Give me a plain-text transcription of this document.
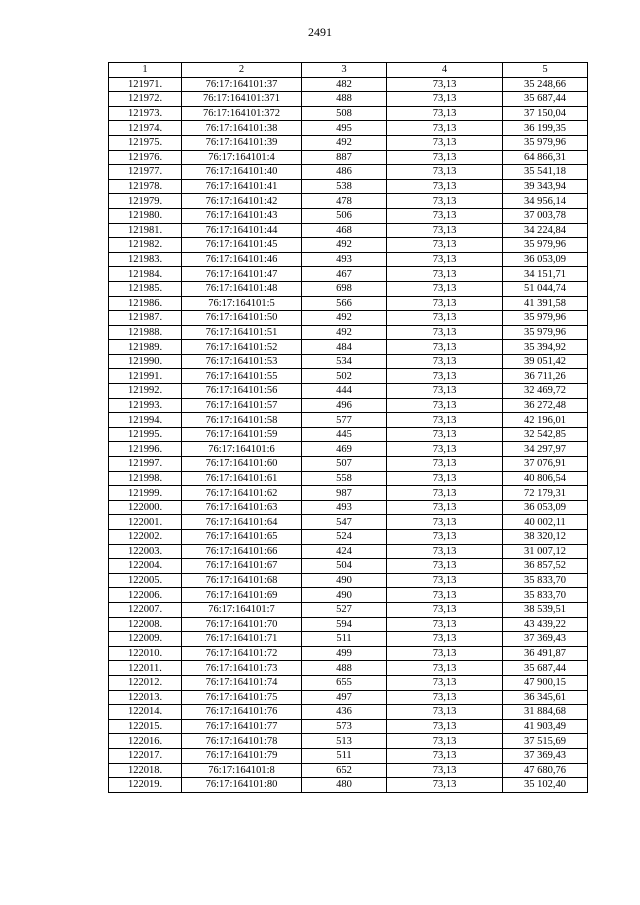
2491
1	2	3	4	5
121971.	76:17:164101:37	482	73,13	35 248,66
121972.	76:17:164101:371	488	73,13	35 687,44
121973.	76:17:164101:372	508	73,13	37 150,04
121974.	76:17:164101:38	495	73,13	36 199,35
121975.	76:17:164101:39	492	73,13	35 979,96
121976.	76:17:164101:4	887	73,13	64 866,31
121977.	76:17:164101:40	486	73,13	35 541,18
121978.	76:17:164101:41	538	73,13	39 343,94
121979.	76:17:164101:42	478	73,13	34 956,14
121980.	76:17:164101:43	506	73,13	37 003,78
121981.	76:17:164101:44	468	73,13	34 224,84
121982.	76:17:164101:45	492	73,13	35 979,96
121983.	76:17:164101:46	493	73,13	36 053,09
121984.	76:17:164101:47	467	73,13	34 151,71
121985.	76:17:164101:48	698	73,13	51 044,74
121986.	76:17:164101:5	566	73,13	41 391,58
121987.	76:17:164101:50	492	73,13	35 979,96
121988.	76:17:164101:51	492	73,13	35 979,96
121989.	76:17:164101:52	484	73,13	35 394,92
121990.	76:17:164101:53	534	73,13	39 051,42
121991.	76:17:164101:55	502	73,13	36 711,26
121992.	76:17:164101:56	444	73,13	32 469,72
121993.	76:17:164101:57	496	73,13	36 272,48
121994.	76:17:164101:58	577	73,13	42 196,01
121995.	76:17:164101:59	445	73,13	32 542,85
121996.	76:17:164101:6	469	73,13	34 297,97
121997.	76:17:164101:60	507	73,13	37 076,91
121998.	76:17:164101:61	558	73,13	40 806,54
121999.	76:17:164101:62	987	73,13	72 179,31
122000.	76:17:164101:63	493	73,13	36 053,09
122001.	76:17:164101:64	547	73,13	40 002,11
122002.	76:17:164101:65	524	73,13	38 320,12
122003.	76:17:164101:66	424	73,13	31 007,12
122004.	76:17:164101:67	504	73,13	36 857,52
122005.	76:17:164101:68	490	73,13	35 833,70
122006.	76:17:164101:69	490	73,13	35 833,70
122007.	76:17:164101:7	527	73,13	38 539,51
122008.	76:17:164101:70	594	73,13	43 439,22
122009.	76:17:164101:71	511	73,13	37 369,43
122010.	76:17:164101:72	499	73,13	36 491,87
122011.	76:17:164101:73	488	73,13	35 687,44
122012.	76:17:164101:74	655	73,13	47 900,15
122013.	76:17:164101:75	497	73,13	36 345,61
122014.	76:17:164101:76	436	73,13	31 884,68
122015.	76:17:164101:77	573	73,13	41 903,49
122016.	76:17:164101:78	513	73,13	37 515,69
122017.	76:17:164101:79	511	73,13	37 369,43
122018.	76:17:164101:8	652	73,13	47 680,76
122019.	76:17:164101:80	480	73,13	35 102,40
